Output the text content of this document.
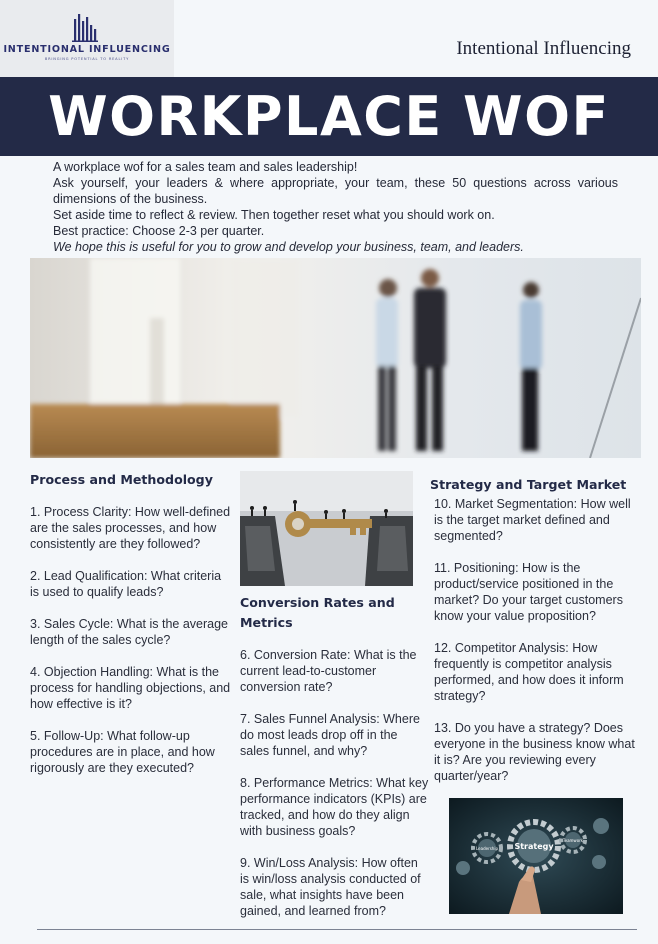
INTENTIONAL INFLUENCING
BRINGING POTENTIAL TO REALITY	Intentional Influencing
WORKPLACE WOF

A workplace wof for a sales team and sales leadership!

Ask yourself, your leaders & where appropriate, your team, these 50 questions across various dimensions of the business.

Set aside time to reflect & review. Then together reset what you should work on.

Best practice: Choose 2-3 per quarter.

We hope this is useful for you to grow and develop your business, team, and leaders.

Process and Methodology

1. Process Clarity: How well-defined are the sales processes, and how consistently are they followed?

2. Lead Qualification: What criteria is used to qualify leads?

3. Sales Cycle: What is the average length of the sales cycle?

4. Objection Handling: What is the process for handling objections, and how effective is it?

5. Follow-Up: What follow-up procedures are in place, and how rigorously are they executed?

Conversion Rates and Metrics

6. Conversion Rate: What is the current lead-to-customer conversion rate?

7. Sales Funnel Analysis: Where do most leads drop off in the sales funnel, and why?

8. Performance Metrics: What key performance indicators (KPIs) are tracked, and how do they align with business goals?

9. Win/Loss Analysis: How often is win/loss analysis conducted of sale, what insights have been gained, and learned from?

Strategy and Target Market

10. Market Segmentation: How well is the target market defined and segmented?

11. Positioning: How is the product/service positioned in the market? Do your target customers know your value proposition?

12. Competitor Analysis: How frequently is competitor analysis performed, and how does it inform strategy?

13. Do you have a strategy? Does everyone in the business know what it is? Are you reviewing every quarter/year?

Strategy
Leadership
Teamwork
